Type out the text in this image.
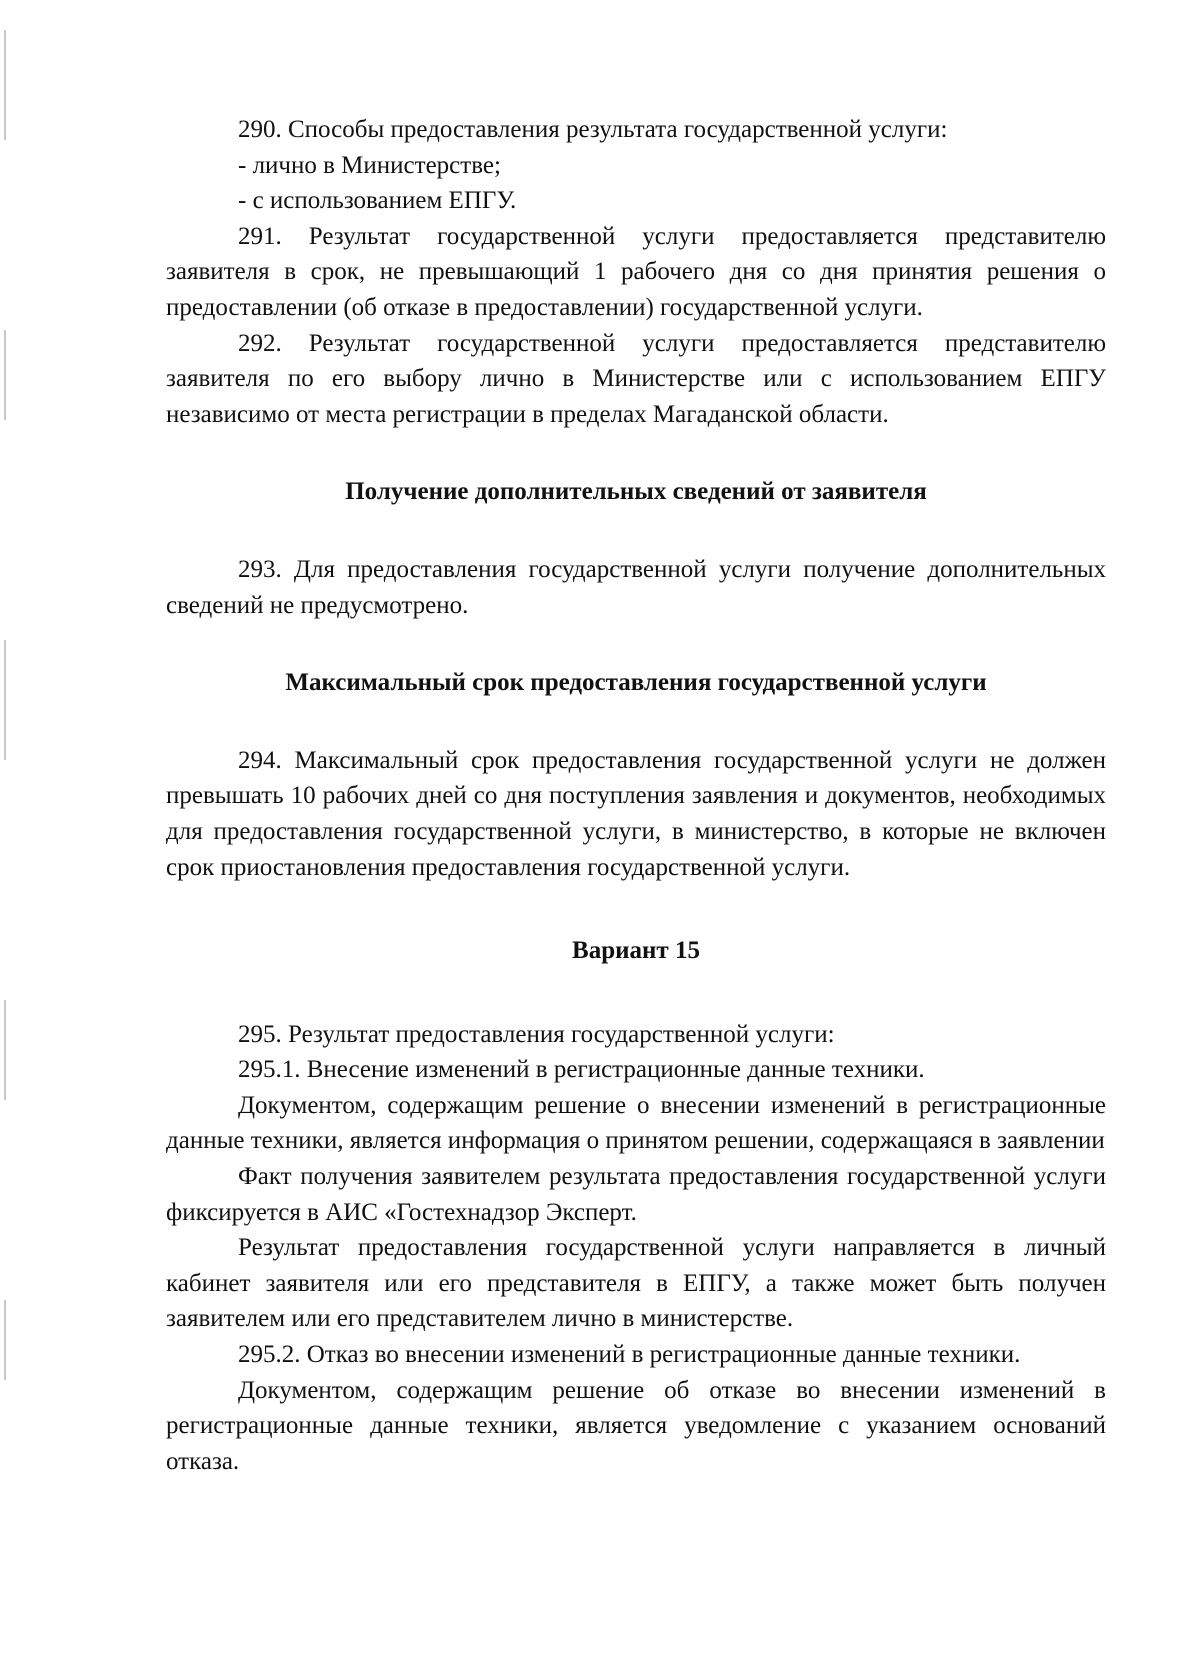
290. Способы предоставления результата государственной услуги:

- лично в Министерстве;

- с использованием ЕПГУ.

291. Результат государственной услуги предоставляется представителю заявителя в срок, не превышающий 1 рабочего дня со дня принятия решения о предоставлении (об отказе в предоставлении) государственной услуги.

292. Результат государственной услуги предоставляется представителю заявителя по его выбору лично в Министерстве или с использованием ЕПГУ независимо от места регистрации в пределах Магаданской области.

Получение дополнительных сведений от заявителя

293. Для предоставления государственной услуги получение дополнительных сведений не предусмотрено.

Максимальный срок предоставления государственной услуги

294. Максимальный срок предоставления государственной услуги не должен превышать 10 рабочих дней со дня поступления заявления и документов, необходимых для предоставления государственной услуги, в министерство, в которые не включен срок приостановления предоставления государственной услуги.

Вариант 15

295. Результат предоставления государственной услуги:

295.1. Внесение изменений в регистрационные данные техники.

Документом, содержащим решение о внесении изменений в регистрационные данные техники, является информация о принятом решении, содержащаяся в заявлении

Факт получения заявителем результата предоставления государственной услуги фиксируется в АИС «Гостехнадзор Эксперт.

Результат предоставления государственной услуги направляется в личный кабинет заявителя или его представителя в ЕПГУ, а также может быть получен заявителем или его представителем лично в министерстве.

295.2. Отказ во внесении изменений в регистрационные данные техники.

Документом, содержащим решение об отказе во внесении изменений в регистрационные данные техники, является уведомление с указанием оснований отказа.
